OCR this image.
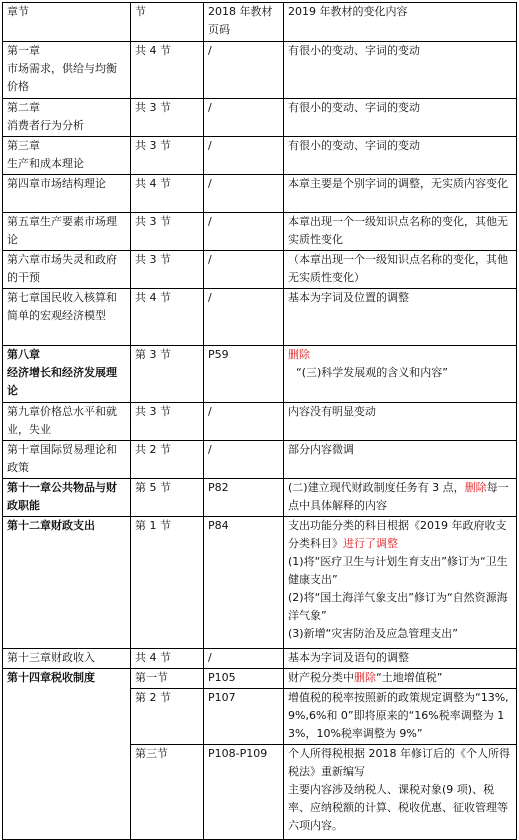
章节	节	2018 年教材页码	2019 年教材的变化内容

第一章
市场需求，供给与均衡价格	共 4 节	/	有很小的变动、字词的变动
第二章
消费者行为分析	共 3 节	/	有很小的变动、字词的变动
第三章
生产和成本理论	共 3 节	/	有很小的变动、字词的变动
第四章市场结构理论	共 4 节	/	本章主要是个别字词的调整，无实质内容变化
第五章生产要素市场理论	共 3 节	/	本章出现一个一级知识点名称的变化，其他无实质性变化
第六章市场失灵和政府的干预	共 3 节	/	（本章出现一个一级知识点名称的变化，其他无实质性变化）
第七章国民收入核算和简单的宏观经济模型	共 4 节	/	基本为字词及位置的调整
第八章
经济增长和经济发展理论	第 3 节	P59	删除
“(三)科学发展观的含义和内容”

第九章价格总水平和就业，失业	共 3 节	/	内容没有明显变动
第十章国际贸易理论和政策	共 2 节	/	部分内容微调
第十一章公共物品与财政职能	第 5 节	P82	(二)建立现代财政制度任务有 3 点，删除每一点中具体解释的内容
第十二章财政支出	第 1 节	P84	支出功能分类的科目根据《2019 年政府收支分类科目》进行了调整
(1)将“医疗卫生与计划生育支出”修订为“卫生健康支出”
(2)将“国土海洋气象支出”修订为“自然资源海洋气象”
(3)新增“灾害防治及应急管理支出”

第十三章财政收入	共 4 节	/	基本为字词及语句的调整
第十四章税收制度	第一节	P105	财产税分类中删除“土地增值税”
	第 2 节	P107	增值税的税率按照新的政策规定调整为“13%,9%,6%和 0”即将原来的“16%税率调整为 13%，10%税率调整为 9%”
	第三节	P108-P109	个人所得税根据 2018 年修订后的《个人所得税法》重新编写
主要内容涉及纳税人、课税对象(9 项)、税率、应纳税额的计算、税收优惠、征收管理等六项内容。
